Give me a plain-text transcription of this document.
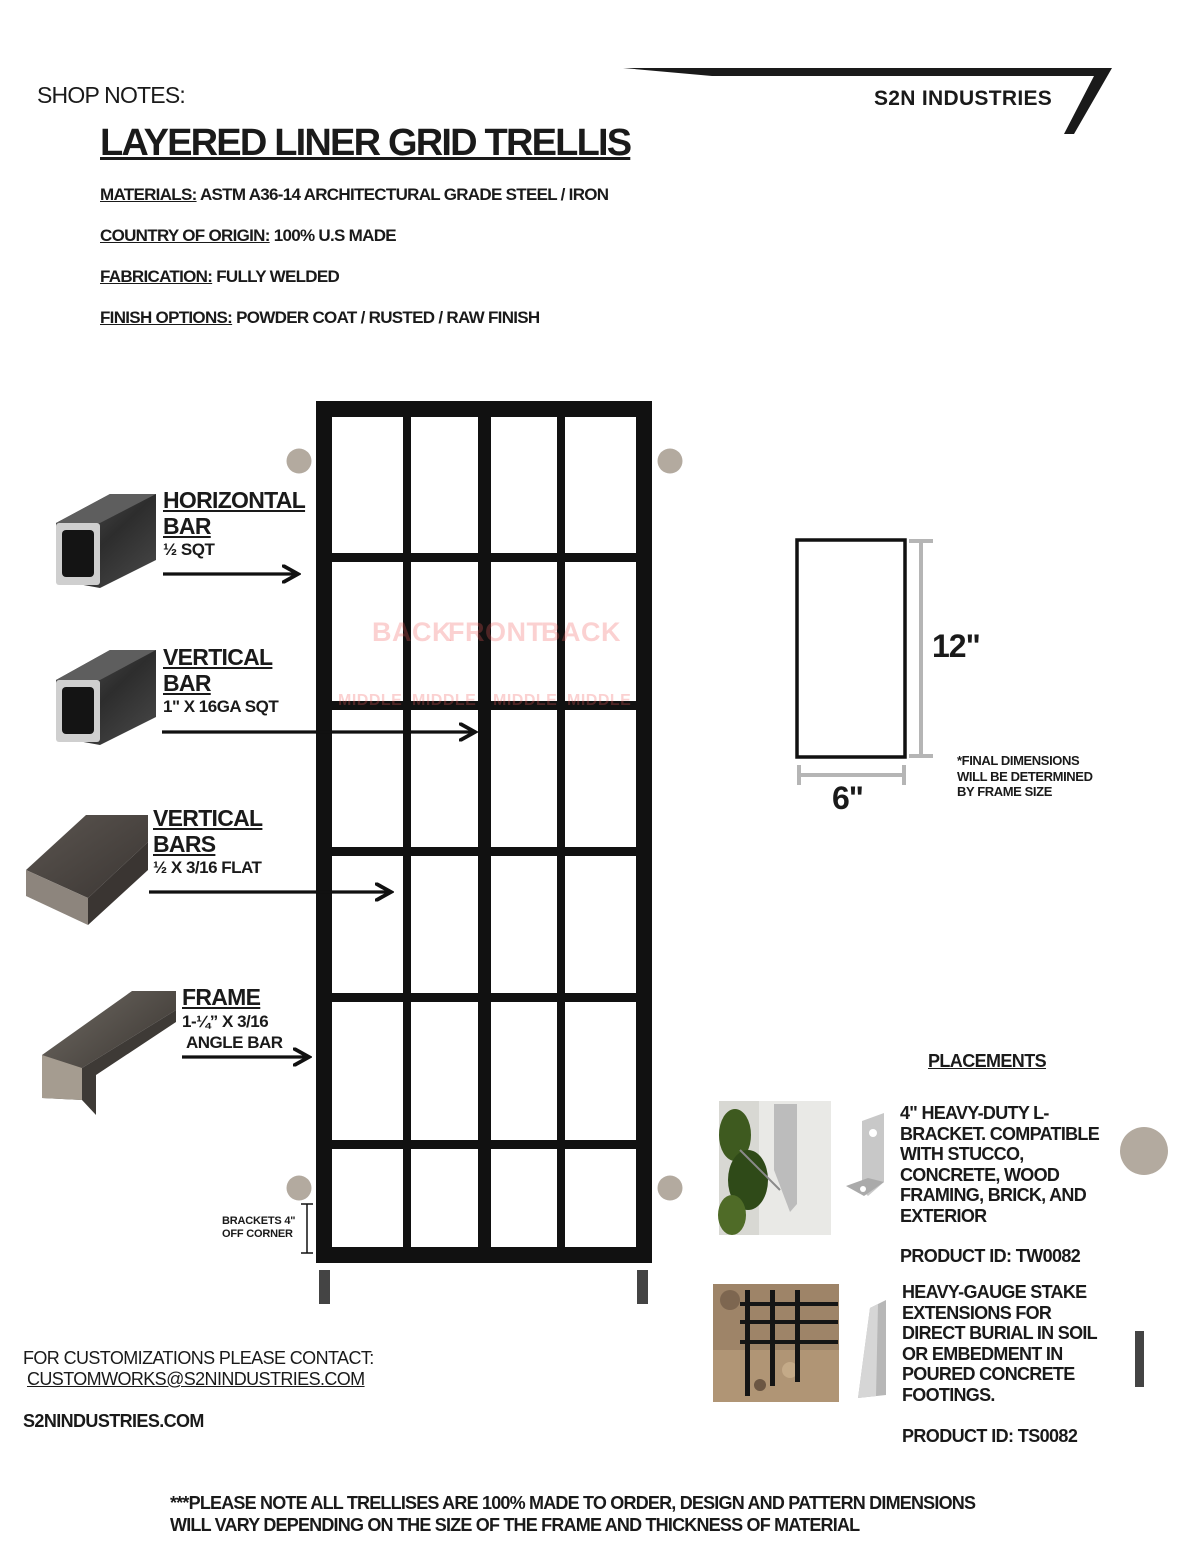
SHOP NOTES:	S2N INDUSTRIES
LAYERED LINER GRID TRELLIS
MATERIALS: ASTM A36-14 ARCHITECTURAL GRADE STEEL / IRON
COUNTRY OF ORIGIN: 100% U.S MADE
FABRICATION: FULLY WELDED
FINISH OPTIONS: POWDER COAT / RUSTED / RAW FINISH
BACK
FRONT
BACK
MIDDLE MIDDLE MIDDLE MIDDLE
HORIZONTAL
BAR
½ SQT
VERTICAL
BAR
1" X 16GA SQT
VERTICAL
BARS
½ X 3/16 FLAT
FRAME
1-¼” X 3/16
ANGLE BAR
BRACKETS 4"
OFF CORNER
12"
6"
*FINAL DIMENSIONS
WILL BE DETERMINED
BY FRAME SIZE
PLACEMENTS
4" HEAVY-DUTY L-
BRACKET. COMPATIBLE
WITH STUCCO,
CONCRETE, WOOD
FRAMING, BRICK, AND
EXTERIOR
PRODUCT ID: TW0082
HEAVY-GAUGE STAKE
EXTENSIONS FOR
DIRECT BURIAL IN SOIL
OR EMBEDMENT IN
POURED CONCRETE
FOOTINGS.
PRODUCT ID: TS0082
FOR CUSTOMIZATIONS PLEASE CONTACT:
CUSTOMWORKS@S2NINDUSTRIES.COM
S2NINDUSTRIES.COM
***PLEASE NOTE ALL TRELLISES ARE 100% MADE TO ORDER, DESIGN AND PATTERN DIMENSIONS
WILL VARY DEPENDING ON THE SIZE OF THE FRAME AND THICKNESS OF MATERIAL
